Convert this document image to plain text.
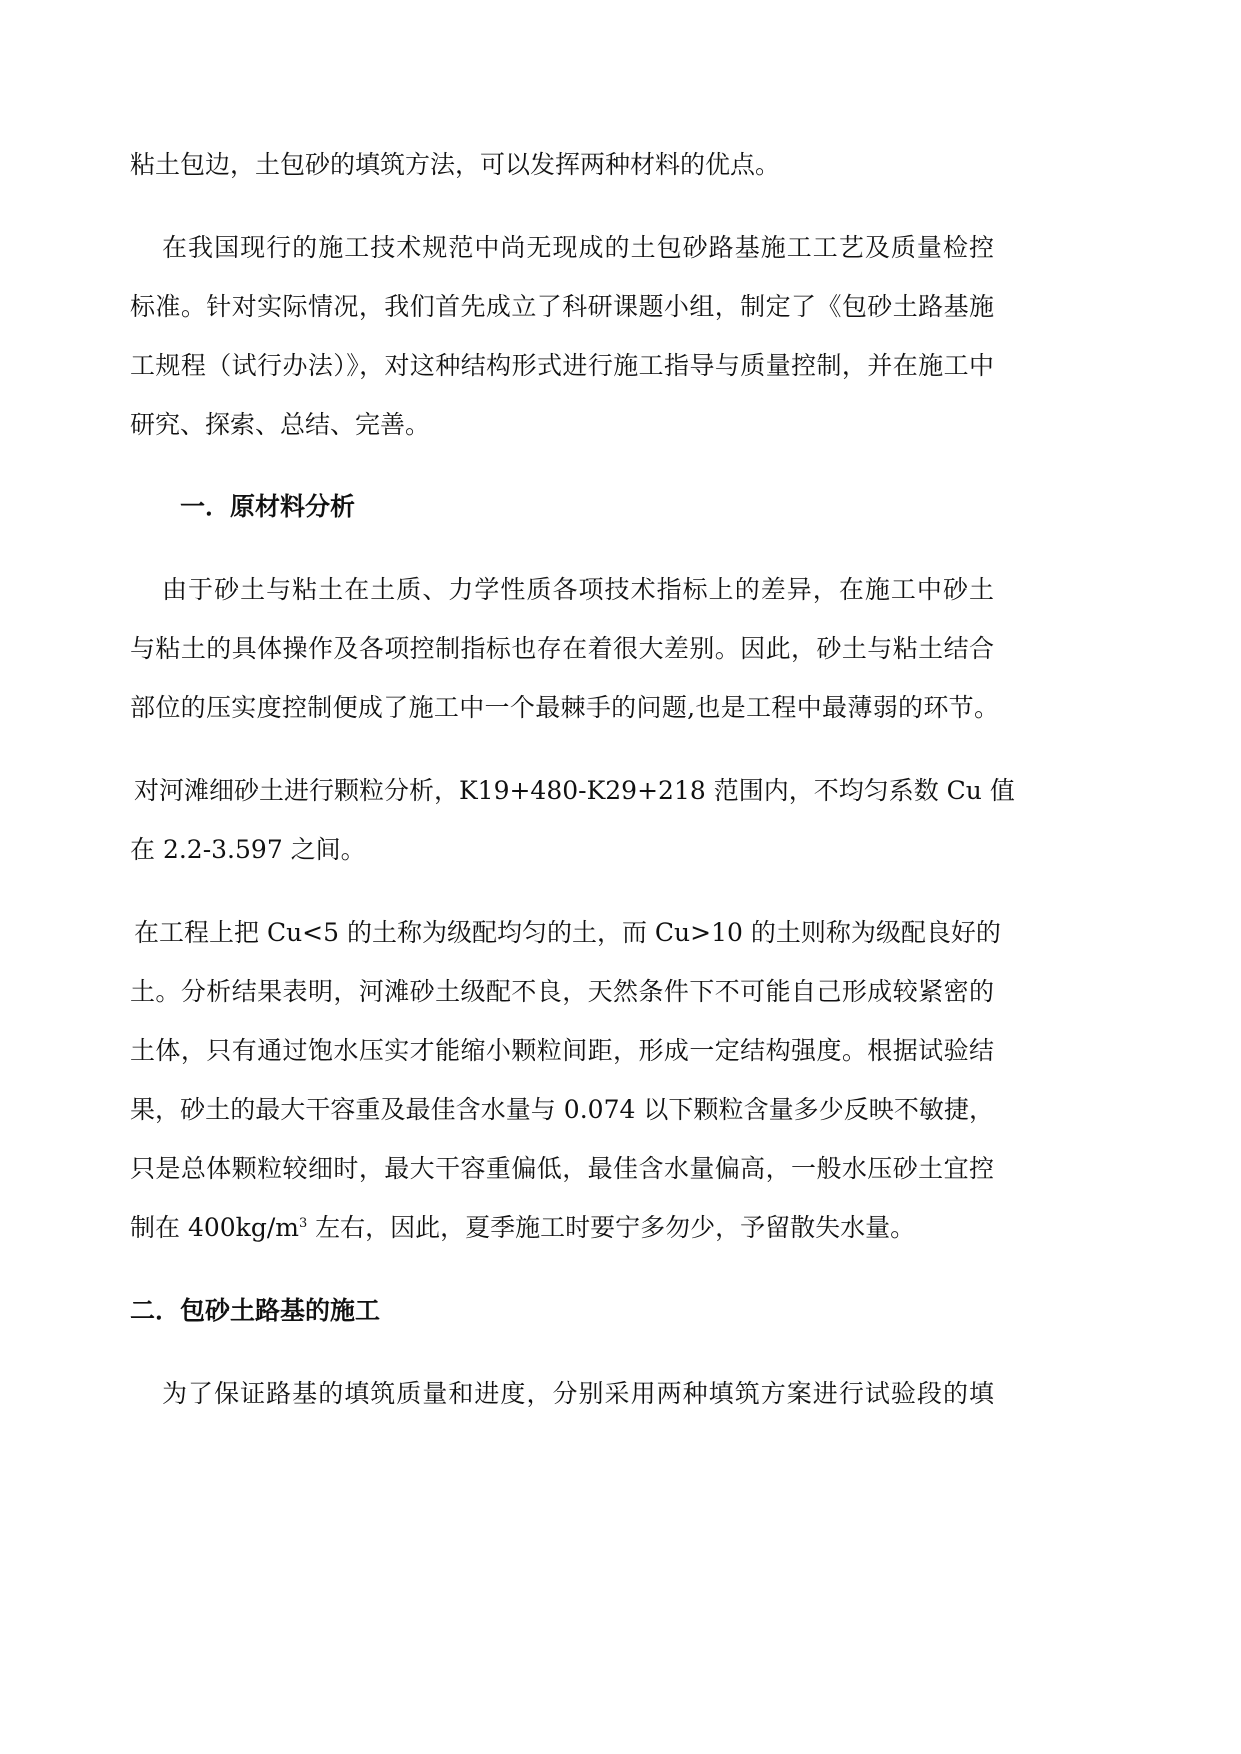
粘土包边，土包砂的填筑方法，可以发挥两种材料的优点。

在我国现行的施工技术规范中尚无现成的土包砂路基施工工艺及质量检控

标准。针对实际情况，我们首先成立了科研课题小组，制定了《包砂土路基施

工规程（试行办法）》，对这种结构形式进行施工指导与质量控制，并在施工中

研究、探索、总结、完善。

一．原材料分析

由于砂土与粘土在土质、力学性质各项技术指标上的差异，在施工中砂土

与粘土的具体操作及各项控制指标也存在着很大差别。因此，砂土与粘土结合

部位的压实度控制便成了施工中一个最棘手的问题,也是工程中最薄弱的环节。

对河滩细砂土进行颗粒分析，K19+480-K29+218 范围内，不均匀系数 Cu 值

在 2.2-3.597 之间。

在工程上把 Cu<5 的土称为级配均匀的土，而 Cu>10 的土则称为级配良好的

土。分析结果表明，河滩砂土级配不良，天然条件下不可能自己形成较紧密的

土体，只有通过饱水压实才能缩小颗粒间距，形成一定结构强度。根据试验结

果，砂土的最大干容重及最佳含水量与 0.074 以下颗粒含量多少反映不敏捷，

只是总体颗粒较细时，最大干容重偏低，最佳含水量偏高，一般水压砂土宜控

制在 $400kg/m^3$ 左右，因此，夏季施工时要宁多勿少，予留散失水量。

二．包砂土路基的施工

为了保证路基的填筑质量和进度，分别采用两种填筑方案进行试验段的填
